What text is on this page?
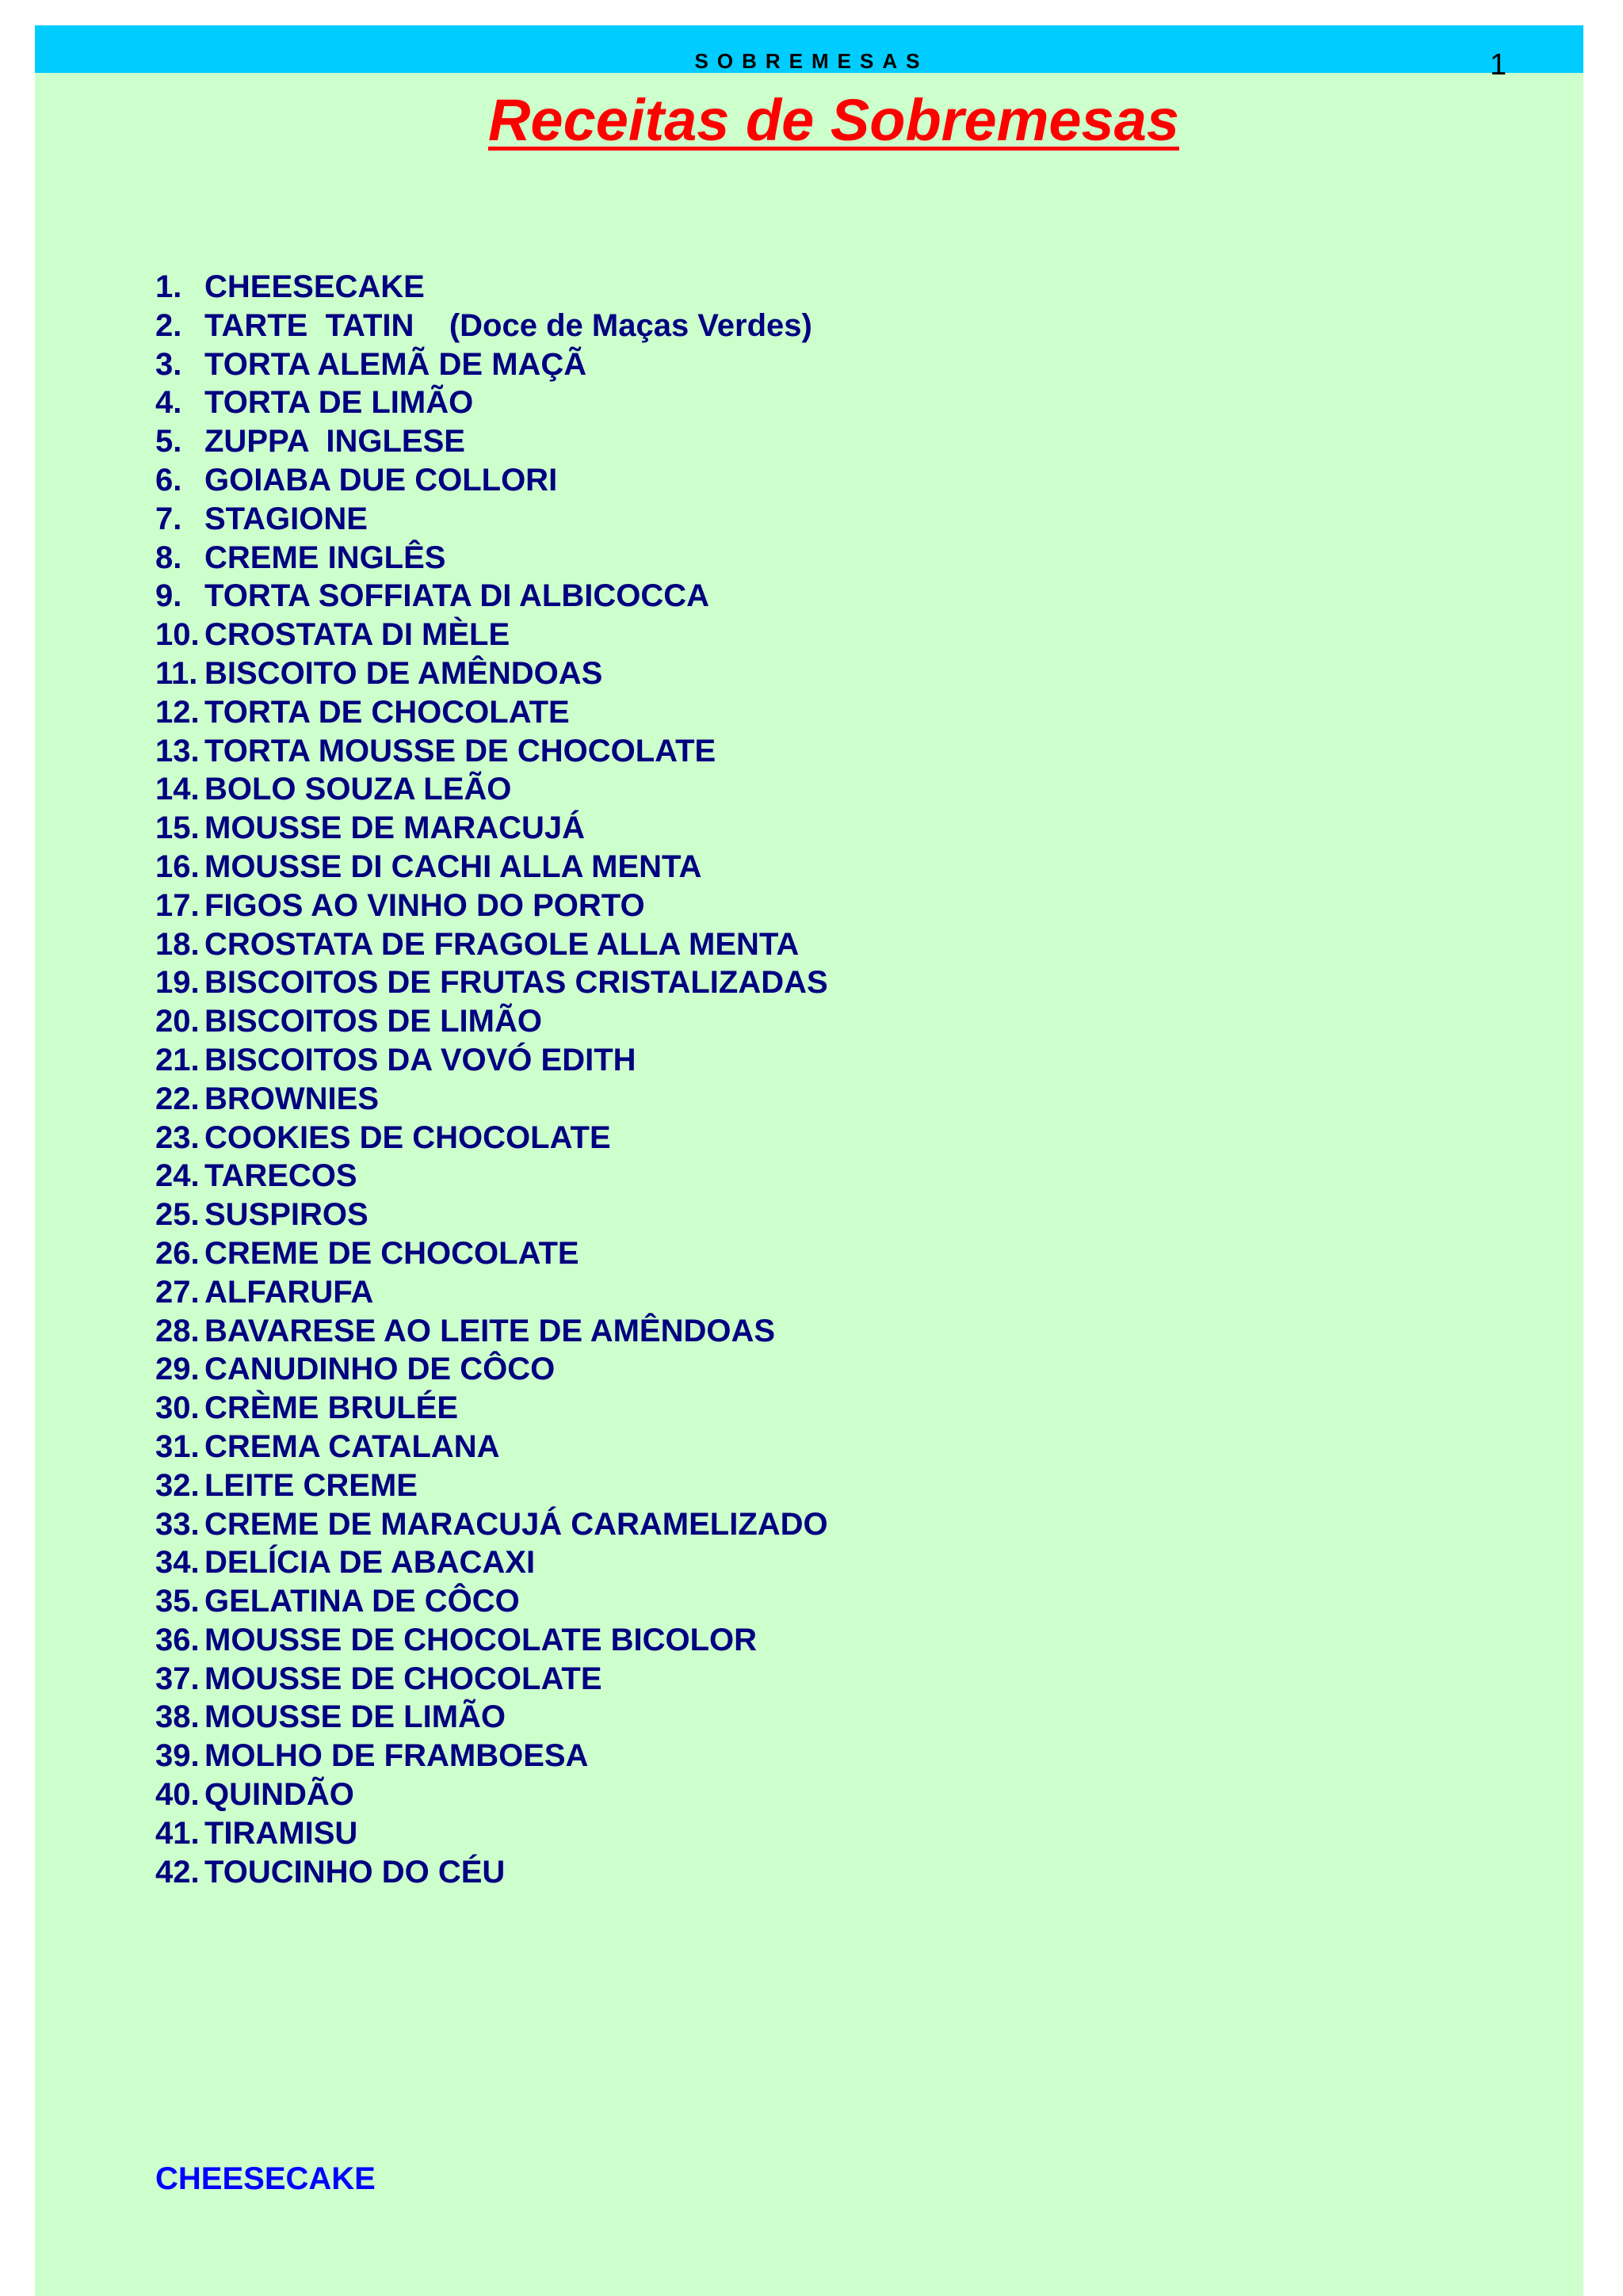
SOBREMESAS	1
Receitas de Sobremesas
1. CHEESECAKE
2. TARTE  TATIN    (Doce de Maças Verdes)
3. TORTA ALEMÃ DE MAÇÃ
4. TORTA DE LIMÃO
5. ZUPPA  INGLESE
6. GOIABA DUE COLLORI
7. STAGIONE
8. CREME INGLÊS
9. TORTA SOFFIATA DI ALBICOCCA
10. CROSTATA DI MÈLE
11. BISCOITO DE AMÊNDOAS
12. TORTA DE CHOCOLATE
13. TORTA MOUSSE DE CHOCOLATE
14. BOLO SOUZA LEÃO
15. MOUSSE DE MARACUJÁ
16. MOUSSE DI CACHI ALLA MENTA
17. FIGOS AO VINHO DO PORTO
18. CROSTATA DE FRAGOLE ALLA MENTA
19. BISCOITOS DE FRUTAS CRISTALIZADAS
20. BISCOITOS DE LIMÃO
21. BISCOITOS DA VOVÓ EDITH
22. BROWNIES
23. COOKIES DE CHOCOLATE
24. TARECOS
25. SUSPIROS
26. CREME DE CHOCOLATE
27. ALFARUFA
28. BAVARESE AO LEITE DE AMÊNDOAS
29. CANUDINHO DE CÔCO
30. CRÈME BRULÉE
31. CREMA CATALANA
32. LEITE CREME
33. CREME DE MARACUJÁ CARAMELIZADO
34. DELÍCIA DE ABACAXI
35. GELATINA DE CÔCO
36. MOUSSE DE CHOCOLATE BICOLOR
37. MOUSSE DE CHOCOLATE
38. MOUSSE DE LIMÃO
39. MOLHO DE FRAMBOESA
40. QUINDÃO
41. TIRAMISU
42. TOUCINHO DO CÉU
CHEESECAKE
